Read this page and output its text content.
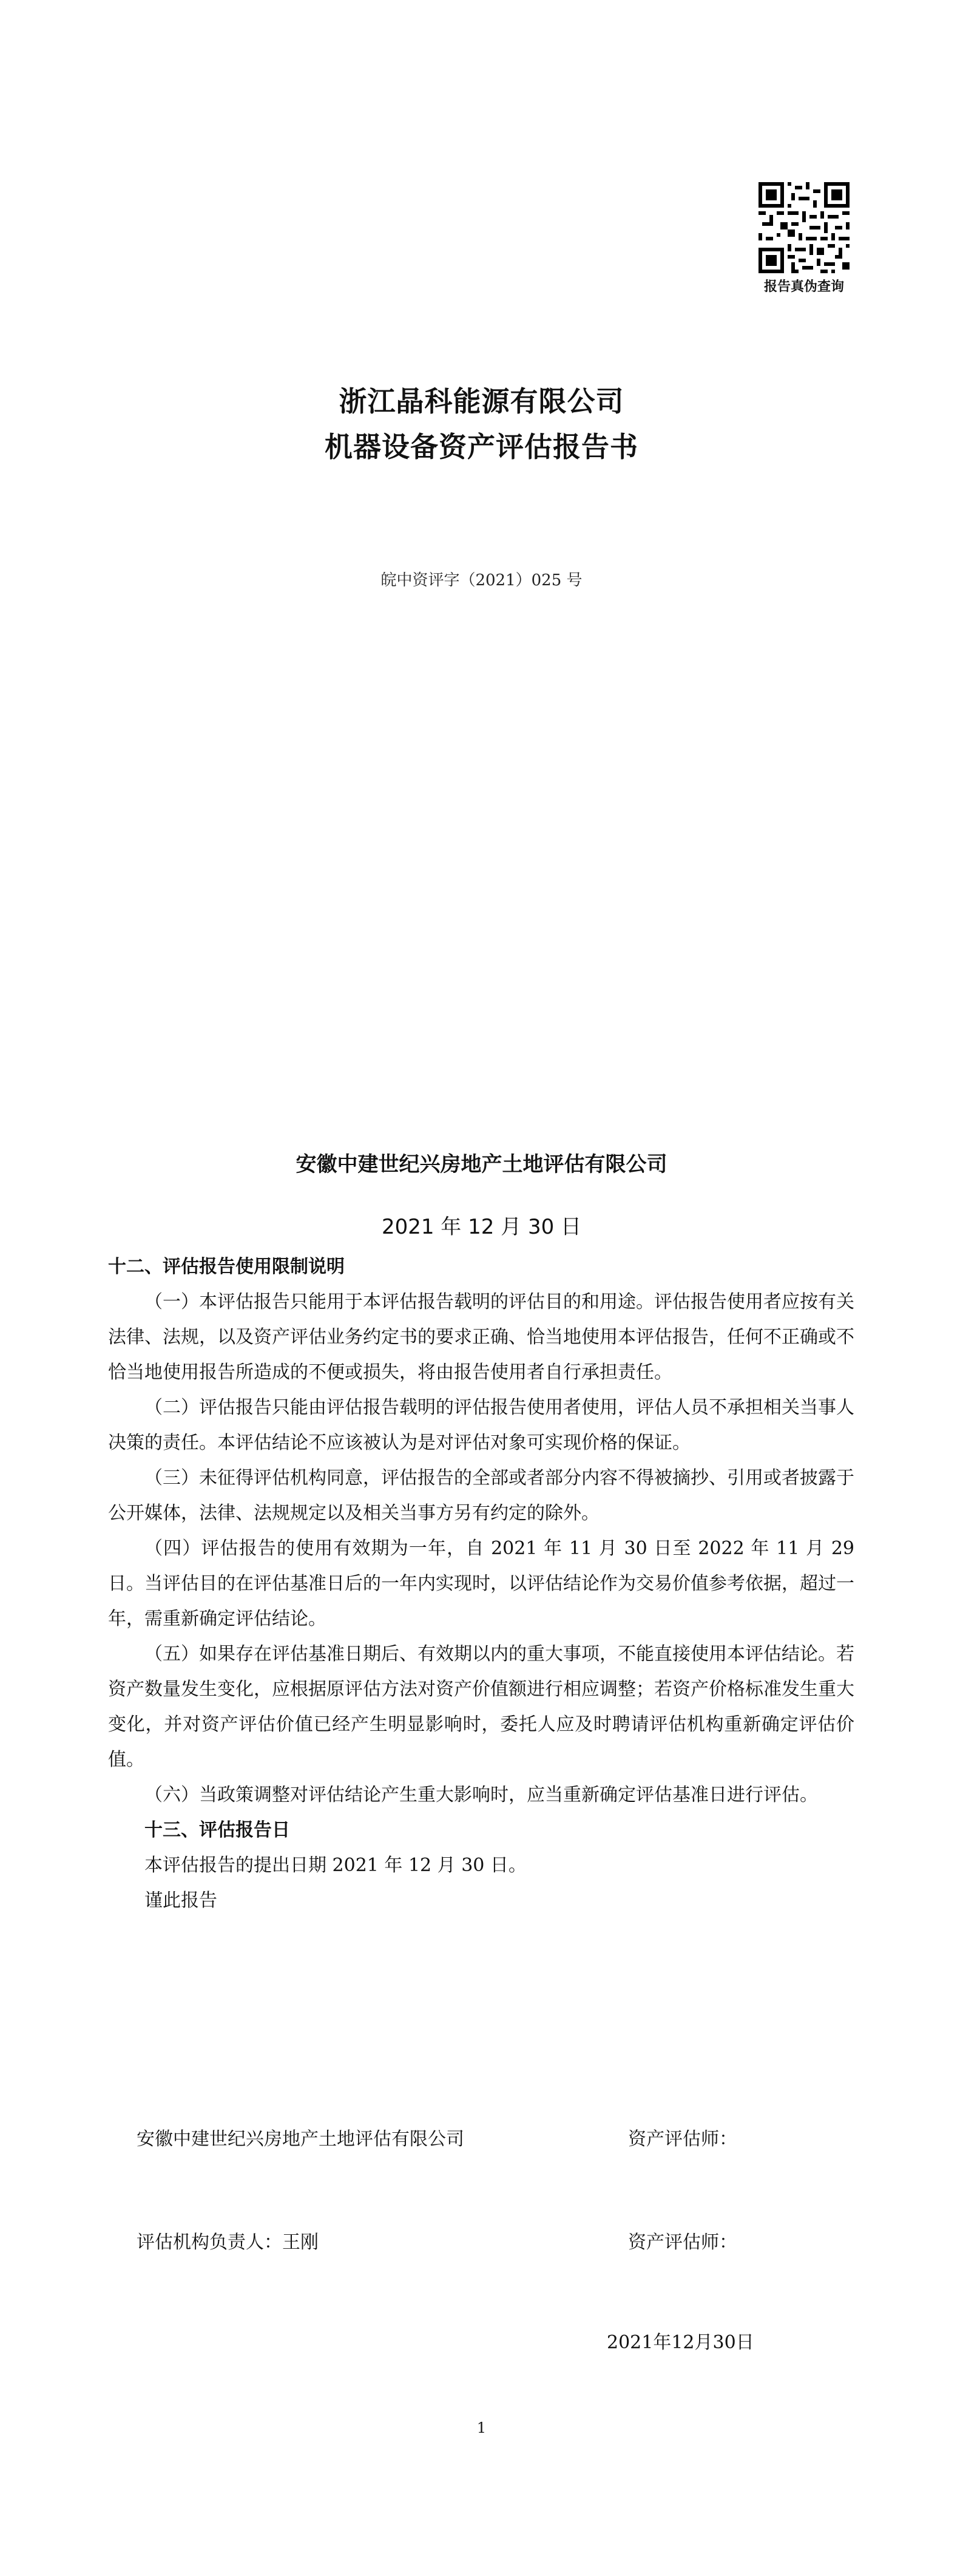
报告真伪查询
浙江晶科能源有限公司
机器设备资产评估报告书
皖中资评字（2021）025 号
安徽中建世纪兴房地产土地评估有限公司
2021 年 12 月 30 日
十二、评估报告使用限制说明

（一）本评估报告只能用于本评估报告载明的评估目的和用途。评估报告使用者应按有关法律、法规，以及资产评估业务约定书的要求正确、恰当地使用本评估报告，任何不正确或不恰当地使用报告所造成的不便或损失，将由报告使用者自行承担责任。

（二）评估报告只能由评估报告载明的评估报告使用者使用，评估人员不承担相关当事人决策的责任。本评估结论不应该被认为是对评估对象可实现价格的保证。

（三）未征得评估机构同意，评估报告的全部或者部分内容不得被摘抄、引用或者披露于公开媒体，法律、法规规定以及相关当事方另有约定的除外。

（四）评估报告的使用有效期为一年，自 2021 年 11 月 30 日至 2022 年 11 月 29 日。当评估目的在评估基准日后的一年内实现时，以评估结论作为交易价值参考依据，超过一年，需重新确定评估结论。

（五）如果存在评估基准日期后、有效期以内的重大事项，不能直接使用本评估结论。若资产数量发生变化，应根据原评估方法对资产价值额进行相应调整；若资产价格标准发生重大变化，并对资产评估价值已经产生明显影响时，委托人应及时聘请评估机构重新确定评估价值。

（六）当政策调整对评估结论产生重大影响时，应当重新确定评估基准日进行评估。

十三、评估报告日

本评估报告的提出日期 2021 年 12 月 30 日。

谨此报告

安徽中建世纪兴房地产土地评估有限公司	资产评估师：
评估机构负责人：王刚	资产评估师：
2021年12月30日
1
